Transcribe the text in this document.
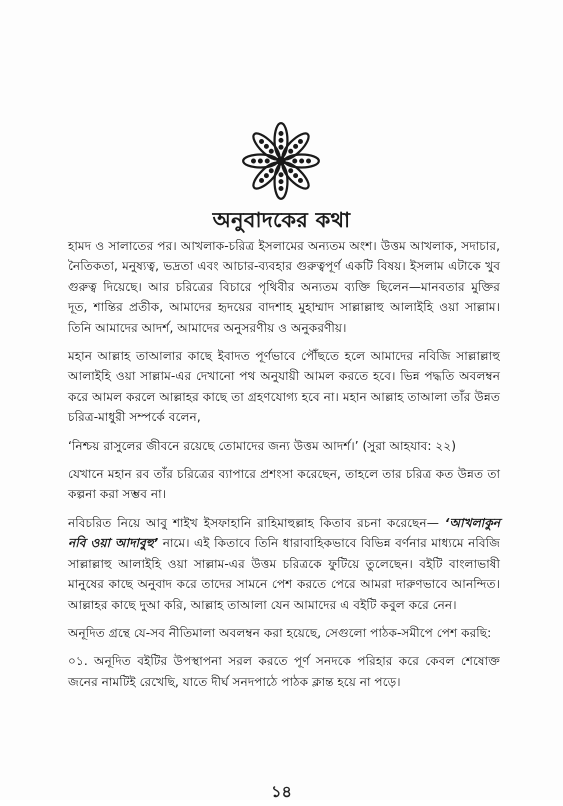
অনুবাদকের কথা

হামদ ও সালাতের পর। আখলাক-চরিত্র ইসলামের অন্যতম অংশ। উত্তম আখলাক, সদাচার, নৈতিকতা, মনুষ্যত্ব, ভদ্রতা এবং আচার-ব্যবহার গুরুত্বপূর্ণ একটি বিষয়। ইসলাম এটাকে খুব গুরুত্ব দিয়েছে। আর চরিত্রের বিচারে পৃথিবীর অন্যতম ব্যক্তি ছিলেন—মানবতার মুক্তির দূত, শান্তির প্রতীক, আমাদের হৃদয়ের বাদশাহ মুহাম্মাদ সাল্লাল্লাহু আলাইহি ওয়া সাল্লাম। তিনি আমাদের আদর্শ, আমাদের অনুসরণীয় ও অনুকরণীয়।

মহান আল্লাহ তাআলার কাছে ইবাদত পূর্ণভাবে পৌঁছতে হলে আমাদের নবিজি সাল্লাল্লাহু আলাইহি ওয়া সাল্লাম-এর দেখানো পথ অনুযায়ী আমল করতে হবে। ভিন্ন পদ্ধতি অবলম্বন করে আমল করলে আল্লাহর কাছে তা গ্রহণযোগ্য হবে না। মহান আল্লাহ তাআলা তাঁর উন্নত চরিত্র-মাধুরী সম্পর্কে বলেন,

‘নিশ্চয় রাসুলের জীবনে রয়েছে তোমাদের জন্য উত্তম আদর্শ।’ (সুরা আহযাব: ২২)

যেখানে মহান রব তাঁর চরিত্রের ব্যাপারে প্রশংসা করেছেন, তাহলে তার চরিত্র কত উন্নত তা কল্পনা করা সম্ভব না।

নবিচরিত নিয়ে আবু শাইখ ইসফাহানি রাহিমাহুল্লাহ কিতাব রচনা করেছেন— ‘আখলাকুন নবি ওয়া আদাবুহু’ নামে। এই কিতাবে তিনি ধারাবাহিকভাবে বিভিন্ন বর্ণনার মাধ্যমে নবিজি সাল্লাল্লাহু আলাইহি ওয়া সাল্লাম-এর উত্তম চরিত্রকে ফুটিয়ে তুলেছেন। বইটি বাংলাভাষী মানুষের কাছে অনুবাদ করে তাদের সামনে পেশ করতে পেরে আমরা দারুণভাবে আনন্দিত। আল্লাহর কাছে দুআ করি, আল্লাহ তাআলা যেন আমাদের এ বইটি কবুল করে নেন।

অনূদিত গ্রন্থে যে-সব নীতিমালা অবলম্বন করা হয়েছে, সেগুলো পাঠক-সমীপে পেশ করছি:

০১. অনূদিত বইটির উপস্থাপনা সরল করতে পূর্ণ সনদকে পরিহার করে কেবল শেষোক্ত জনের নামটিই রেখেছি, যাতে দীর্ঘ সনদপাঠে পাঠক ক্লান্ত হয়ে না পড়ে।

১৪
